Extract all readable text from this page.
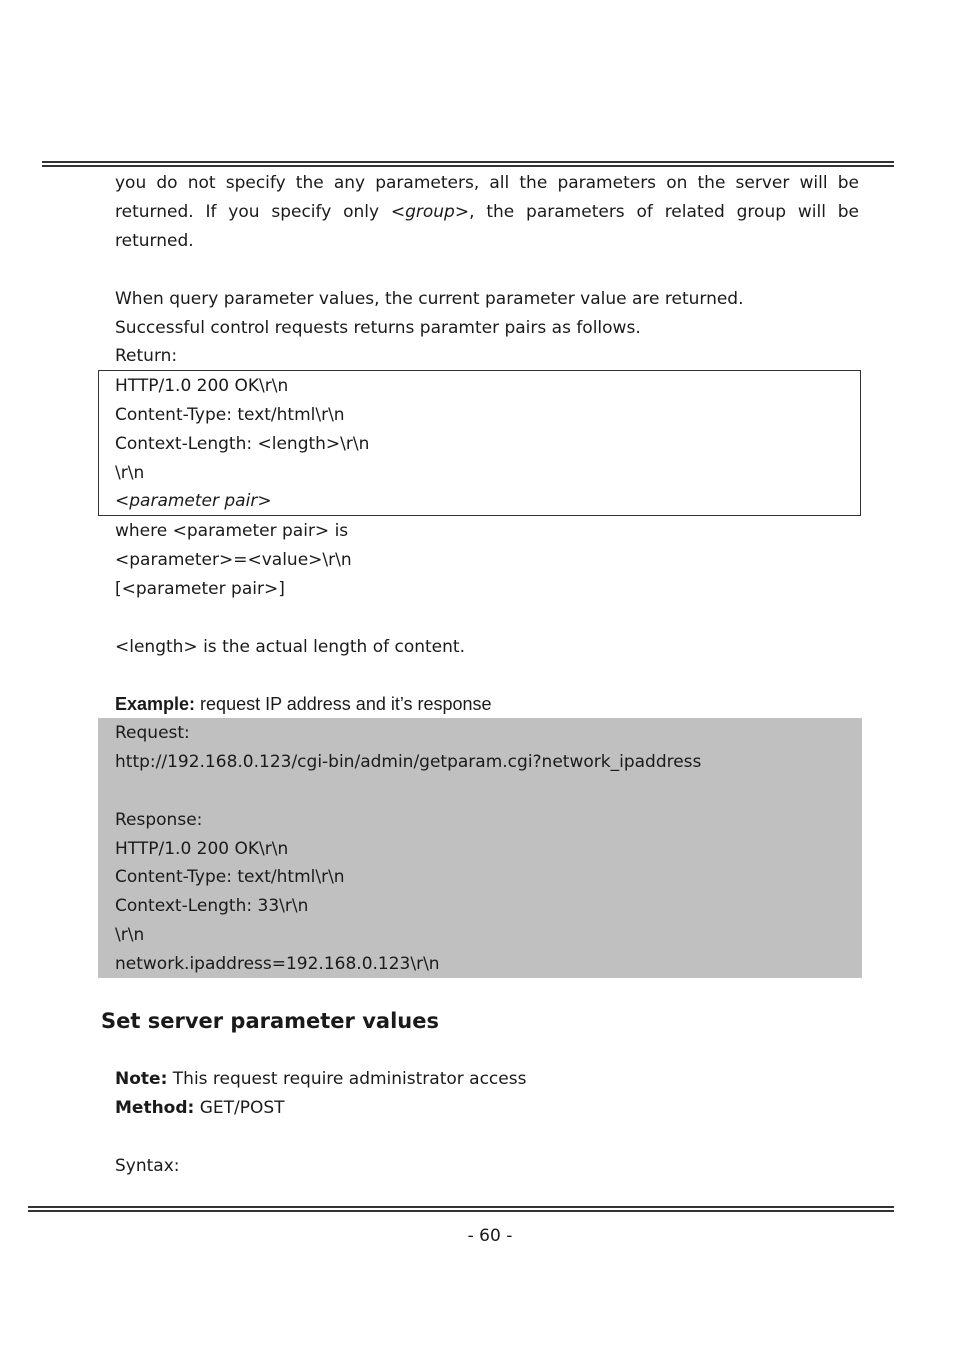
you do not specify the any parameters, all the parameters on the server will be returned. If you specify only <group>, the parameters of related group will be returned.
When query parameter values, the current parameter value are returned.
Successful control requests returns paramter pairs as follows.
Return:
HTTP/1.0 200 OK\r\n
Content-Type: text/html\r\n
Context-Length: <length>\r\n
\r\n
<parameter pair>
where <parameter pair> is
<parameter>=<value>\r\n
[<parameter pair>]
<length> is the actual length of content.
Example: request IP address and it’s response
Request:
http://192.168.0.123/cgi-bin/admin/getparam.cgi?network_ipaddress
Response:
HTTP/1.0 200 OK\r\n
Content-Type: text/html\r\n
Context-Length: 33\r\n
\r\n
network.ipaddress=192.168.0.123\r\n
Set server parameter values
Note: This request require administrator access
Method: GET/POST
Syntax:
- 60 -
